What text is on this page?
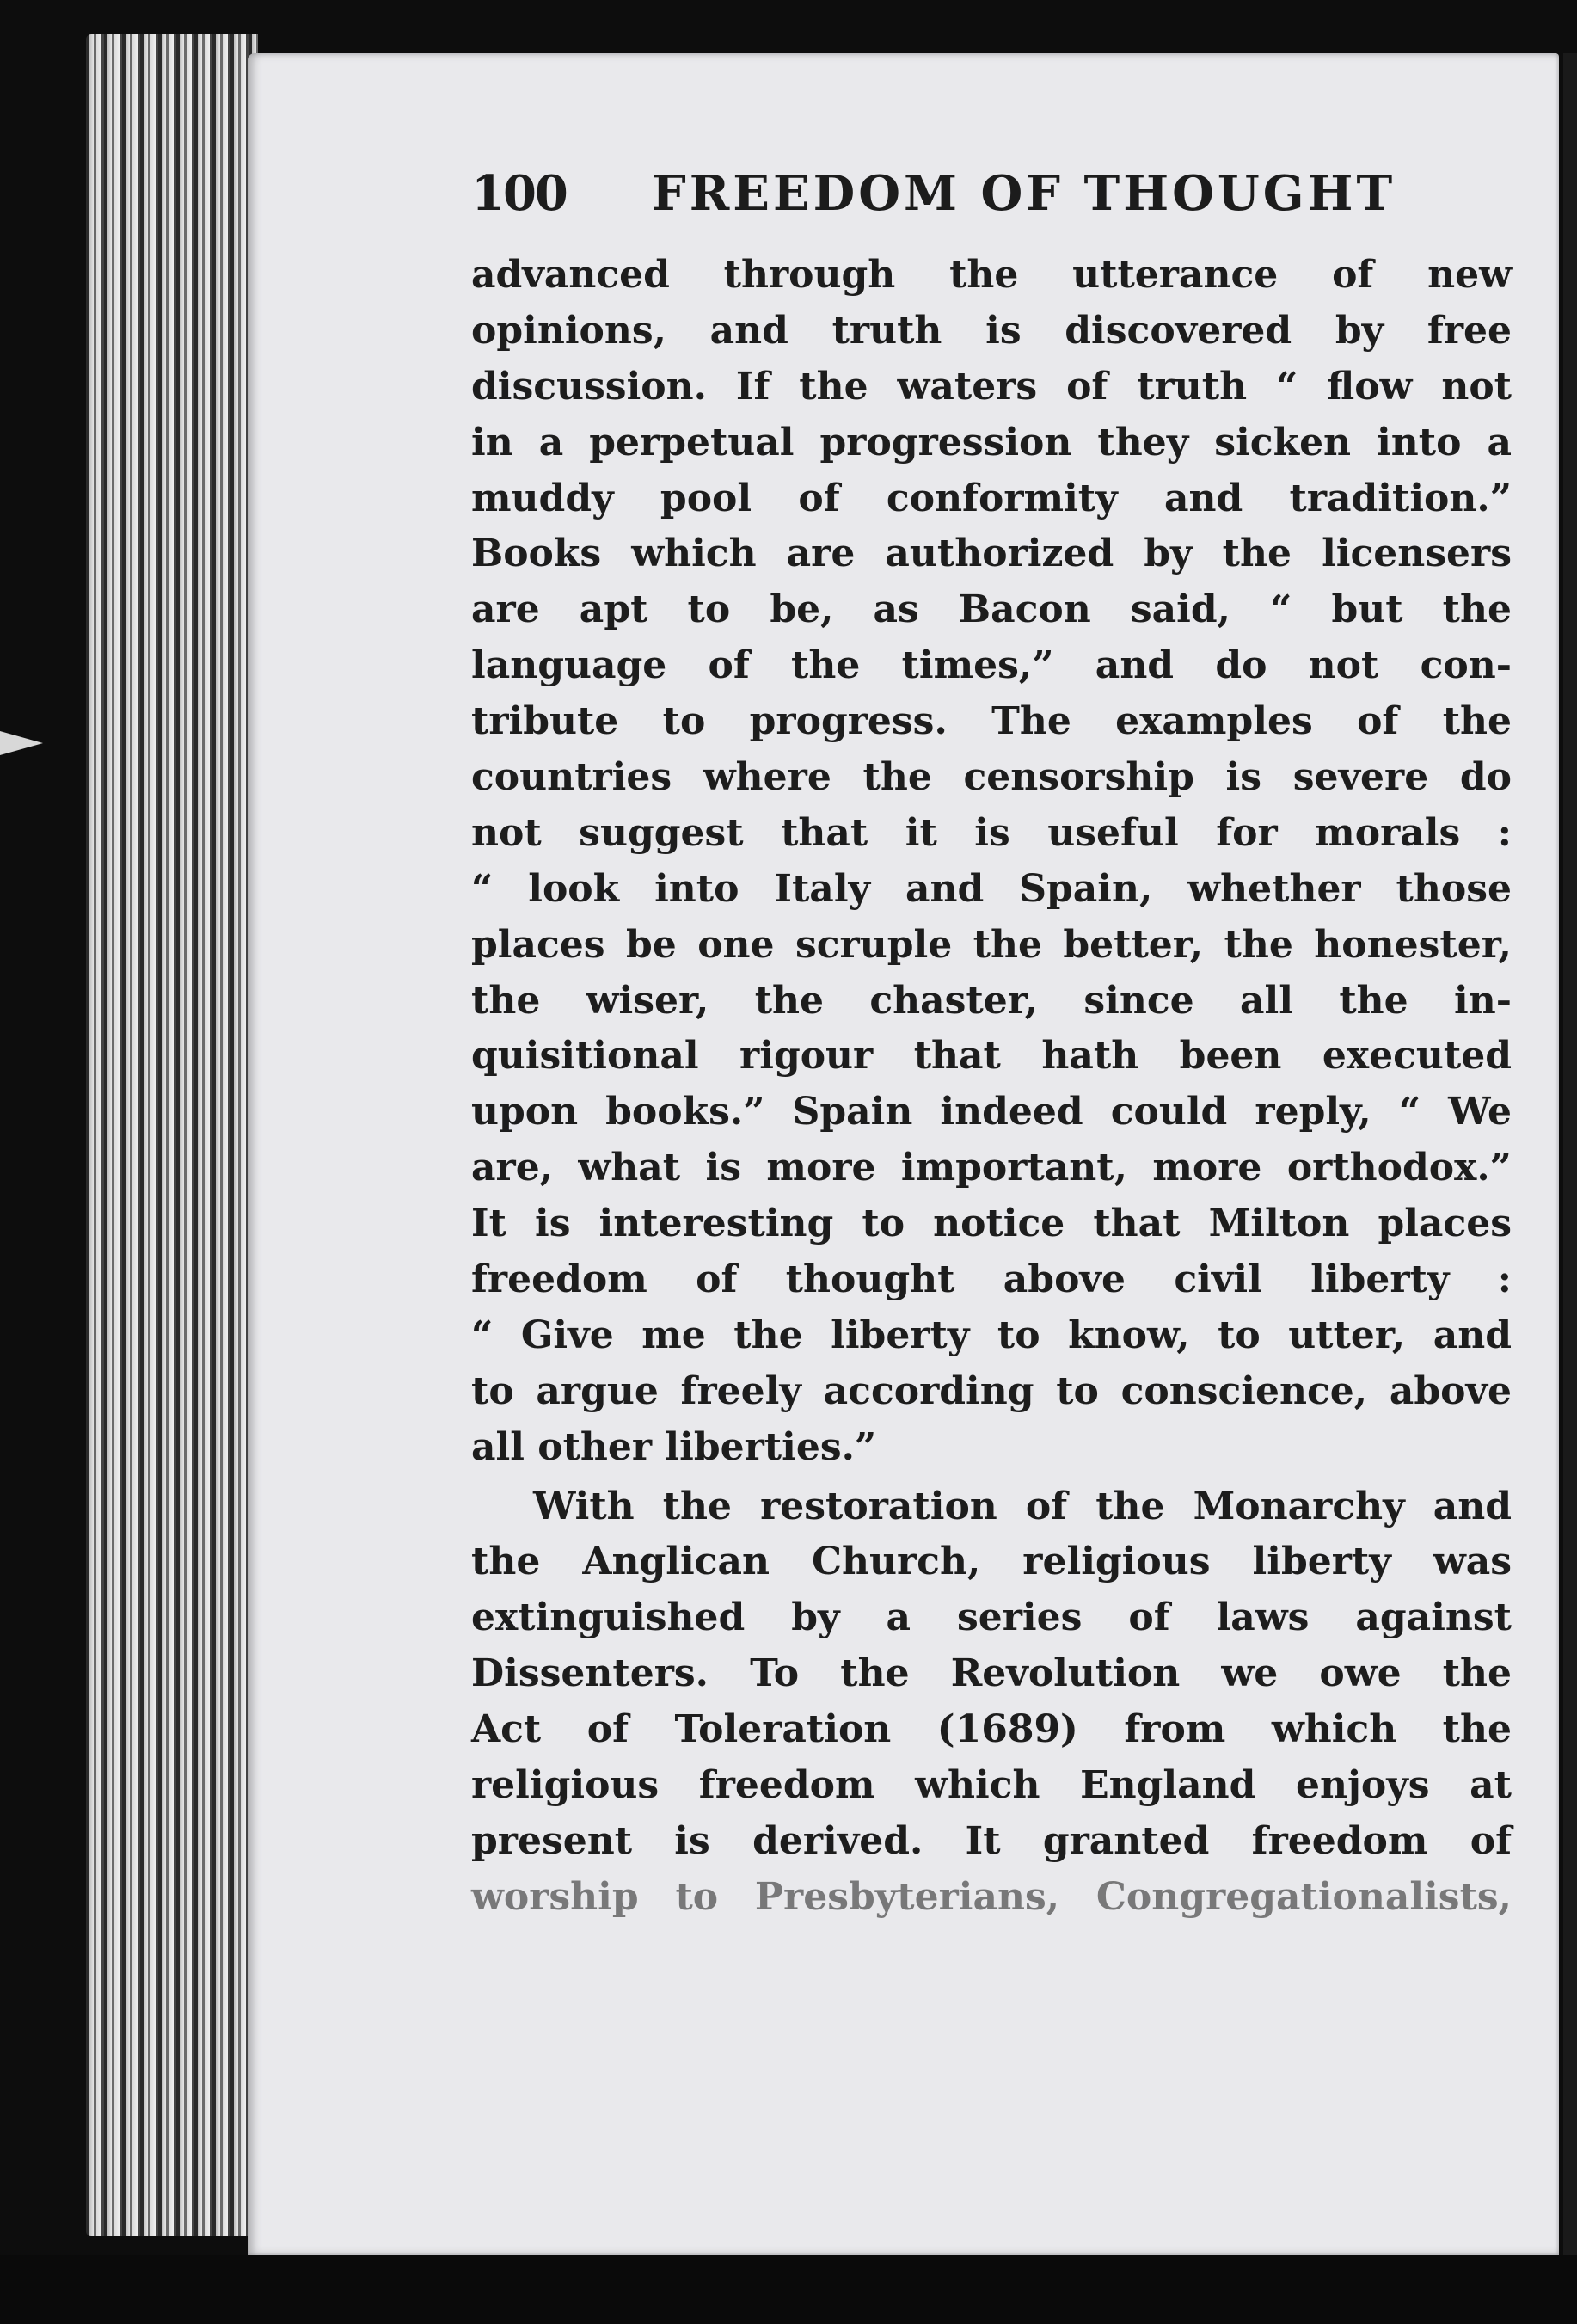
100 FREEDOM OF THOUGHT
advanced through the utterance of new
opinions, and truth is discovered by free
discussion. If the waters of truth “ flow not
in a perpetual progression they sicken into a
muddy pool of conformity and tradition.”
Books which are authorized by the licensers
are apt to be, as Bacon said, “ but the
language of the times,” and do not con-
tribute to progress. The examples of the
countries where the censorship is severe do
not suggest that it is useful for morals :
“ look into Italy and Spain, whether those
places be one scruple the better, the honester,
the wiser, the chaster, since all the in-
quisitional rigour that hath been executed
upon books.” Spain indeed could reply, “ We
are, what is more important, more orthodox.”
It is interesting to notice that Milton places
freedom of thought above civil liberty :
“ Give me the liberty to know, to utter, and
to argue freely according to conscience, above
all other liberties.”
With the restoration of the Monarchy and
the Anglican Church, religious liberty was
extinguished by a series of laws against
Dissenters. To the Revolution we owe the
Act of Toleration (1689) from which the
religious freedom which England enjoys at
present is derived. It granted freedom of
worship to Presbyterians, Congregationalists,
